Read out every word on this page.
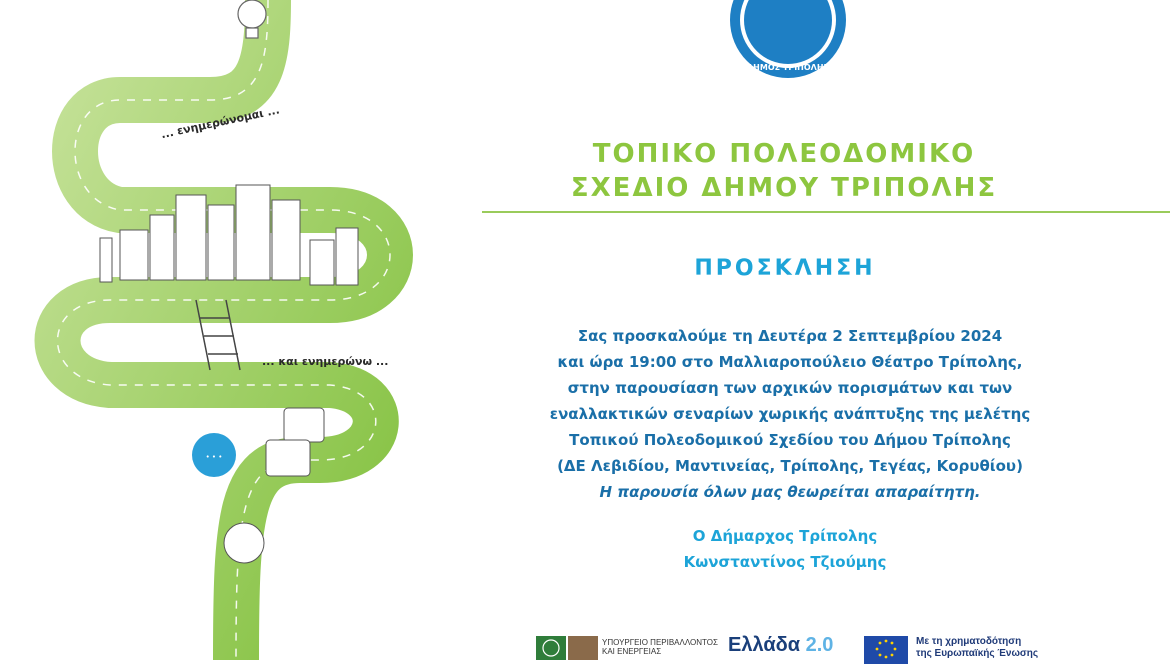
• • •
... ενημερώνομαι ...
... και ενημερώνω ...
ΔΗΜΟΣ ΤΡΙΠΟΛΗΣ
ΤΟΠΙΚΟ ΠΟΛΕΟΔΟΜΙΚΟ
ΣΧΕΔΙΟ ΔΗΜΟΥ ΤΡΙΠΟΛΗΣ
ΠΡΟΣΚΛΗΣΗ
Σας προσκαλούμε τη Δευτέρα 2 Σεπτεμβρίου 2024
και ώρα 19:00 στο Μαλλιαροπούλειο Θέατρο Τρίπολης,
στην παρουσίαση των αρχικών πορισμάτων και των
εναλλακτικών σεναρίων χωρικής ανάπτυξης της μελέτης
Τοπικού Πολεοδομικού Σχεδίου του Δήμου Τρίπολης
(ΔΕ Λεβιδίου, Μαντινείας, Τρίπολης, Τεγέας, Κορυθίου)
Η παρουσία όλων μας θεωρείται απαραίτητη.
Ο Δήμαρχος Τρίπολης
Κωνσταντίνος Τζιούμης
ΥΠΟΥΡΓΕΙΟ ΠΕΡΙΒΑΛΛΟΝΤΟΣ
ΚΑΙ ΕΝΕΡΓΕΙΑΣ	Ελλάδα 2.0	Με τη χρηματοδότηση
της Ευρωπαϊκής Ένωσης
